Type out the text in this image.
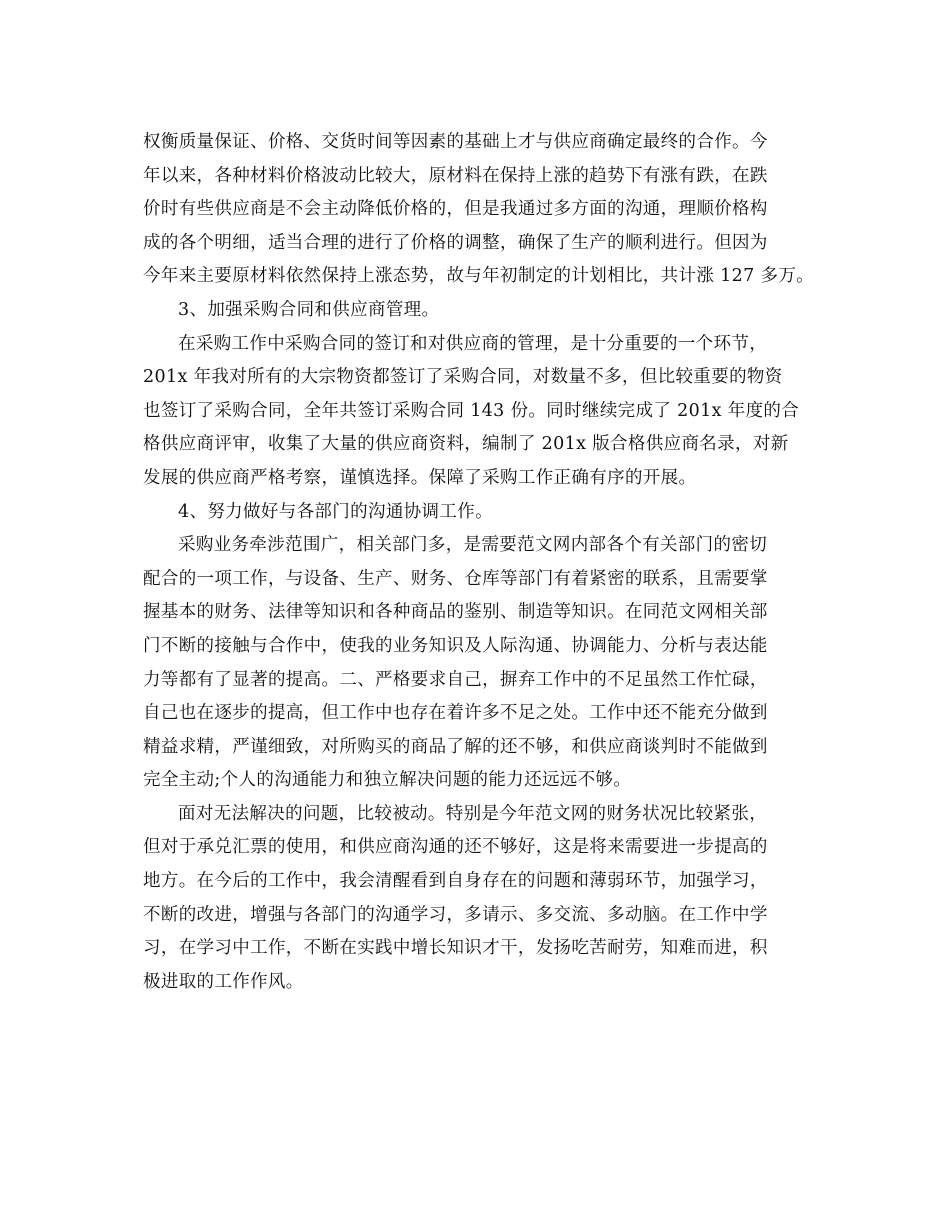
权衡质量保证、价格、交货时间等因素的基础上才与供应商确定最终的合作。今
年以来，各种材料价格波动比较大，原材料在保持上涨的趋势下有涨有跌，在跌
价时有些供应商是不会主动降低价格的，但是我通过多方面的沟通，理顺价格构
成的各个明细，适当合理的进行了价格的调整，确保了生产的顺利进行。但因为
今年来主要原材料依然保持上涨态势，故与年初制定的计划相比，共计涨 127 多万。
3、加强采购合同和供应商管理。
在采购工作中采购合同的签订和对供应商的管理，是十分重要的一个环节，
201x 年我对所有的大宗物资都签订了采购合同，对数量不多，但比较重要的物资
也签订了采购合同，全年共签订采购合同 143 份。同时继续完成了 201x 年度的合
格供应商评审，收集了大量的供应商资料，编制了 201x 版合格供应商名录，对新
发展的供应商严格考察，谨慎选择。保障了采购工作正确有序的开展。
4、努力做好与各部门的沟通协调工作。
采购业务牵涉范围广，相关部门多，是需要范文网内部各个有关部门的密切
配合的一项工作，与设备、生产、财务、仓库等部门有着紧密的联系，且需要掌
握基本的财务、法律等知识和各种商品的鉴别、制造等知识。在同范文网相关部
门不断的接触与合作中，使我的业务知识及人际沟通、协调能力、分析与表达能
力等都有了显著的提高。二、严格要求自己，摒弃工作中的不足虽然工作忙碌，
自己也在逐步的提高，但工作中也存在着许多不足之处。工作中还不能充分做到
精益求精，严谨细致，对所购买的商品了解的还不够，和供应商谈判时不能做到
完全主动;个人的沟通能力和独立解决问题的能力还远远不够。
面对无法解决的问题，比较被动。特别是今年范文网的财务状况比较紧张，
但对于承兑汇票的使用，和供应商沟通的还不够好，这是将来需要进一步提高的
地方。在今后的工作中，我会清醒看到自身存在的问题和薄弱环节，加强学习，
不断的改进，增强与各部门的沟通学习，多请示、多交流、多动脑。在工作中学
习，在学习中工作，不断在实践中增长知识才干，发扬吃苦耐劳，知难而进，积
极进取的工作作风。
